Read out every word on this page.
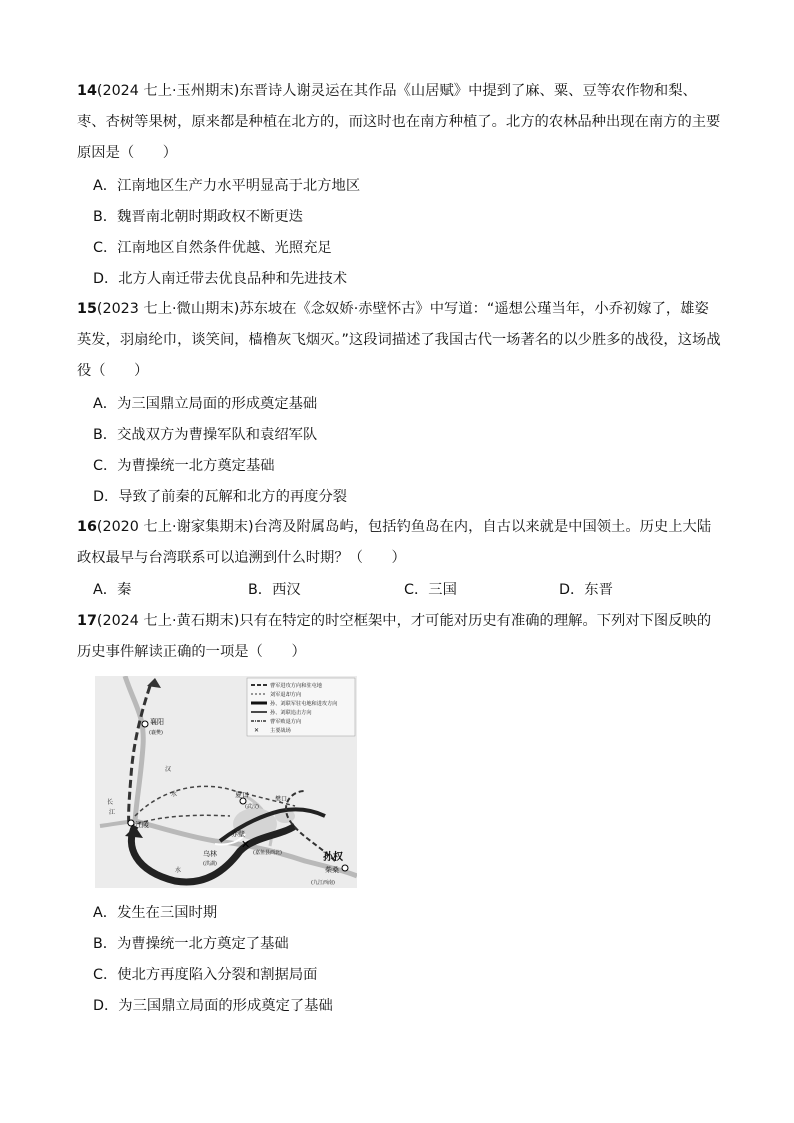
14(2024 七上·玉州期末)东晋诗人谢灵运在其作品《山居赋》中提到了麻、粟、豆等农作物和梨、枣、杏树等果树，原来都是种植在北方的，而这时也在南方种植了。北方的农林品种出现在南方的主要原因是（　　）
A．江南地区生产力水平明显高于北方地区
B．魏晋南北朝时期政权不断更迭
C．江南地区自然条件优越、光照充足
D．北方人南迁带去优良品种和先进技术
15(2023 七上·微山期末)苏东坡在《念奴娇·赤壁怀古》中写道：“遥想公瑾当年，小乔初嫁了，雄姿英发，羽扇纶巾，谈笑间，樯橹灰飞烟灭。”这段词描述了我国古代一场著名的以少胜多的战役，这场战役（　　）
A．为三国鼎立局面的形成奠定基础
B．交战双方为曹操军队和袁绍军队
C．为曹操统一北方奠定基础
D．导致了前秦的瓦解和北方的再度分裂
16(2020 七上·谢家集期末)台湾及附属岛屿，包括钓鱼岛在内，自古以来就是中国领土。历史上大陆政权最早与台湾联系可以追溯到什么时期？（　　）
A．秦	B．西汉	C．三国	D．东晋
17(2024 七上·黄石期末)只有在特定的时空框架中，才可能对历史有准确的理解。下列对下图反映的历史事件解读正确的一项是（　　）
✕
曹军进攻方向和驻屯地
刘军退却方向
孙、刘联军驻屯地和进攻方向
孙、刘联追击方向
曹军败退方向
✕ 主要战场
襄阳
(襄樊)
汉
水
江陵
夏口
(武汉)
乌林
(洪湖)
赤壁
(嘉鱼县西北)
樊口
孙权
柴桑
(九江西南)
长
江
水
A．发生在三国时期
B．为曹操统一北方奠定了基础
C．使北方再度陷入分裂和割据局面
D．为三国鼎立局面的形成奠定了基础
